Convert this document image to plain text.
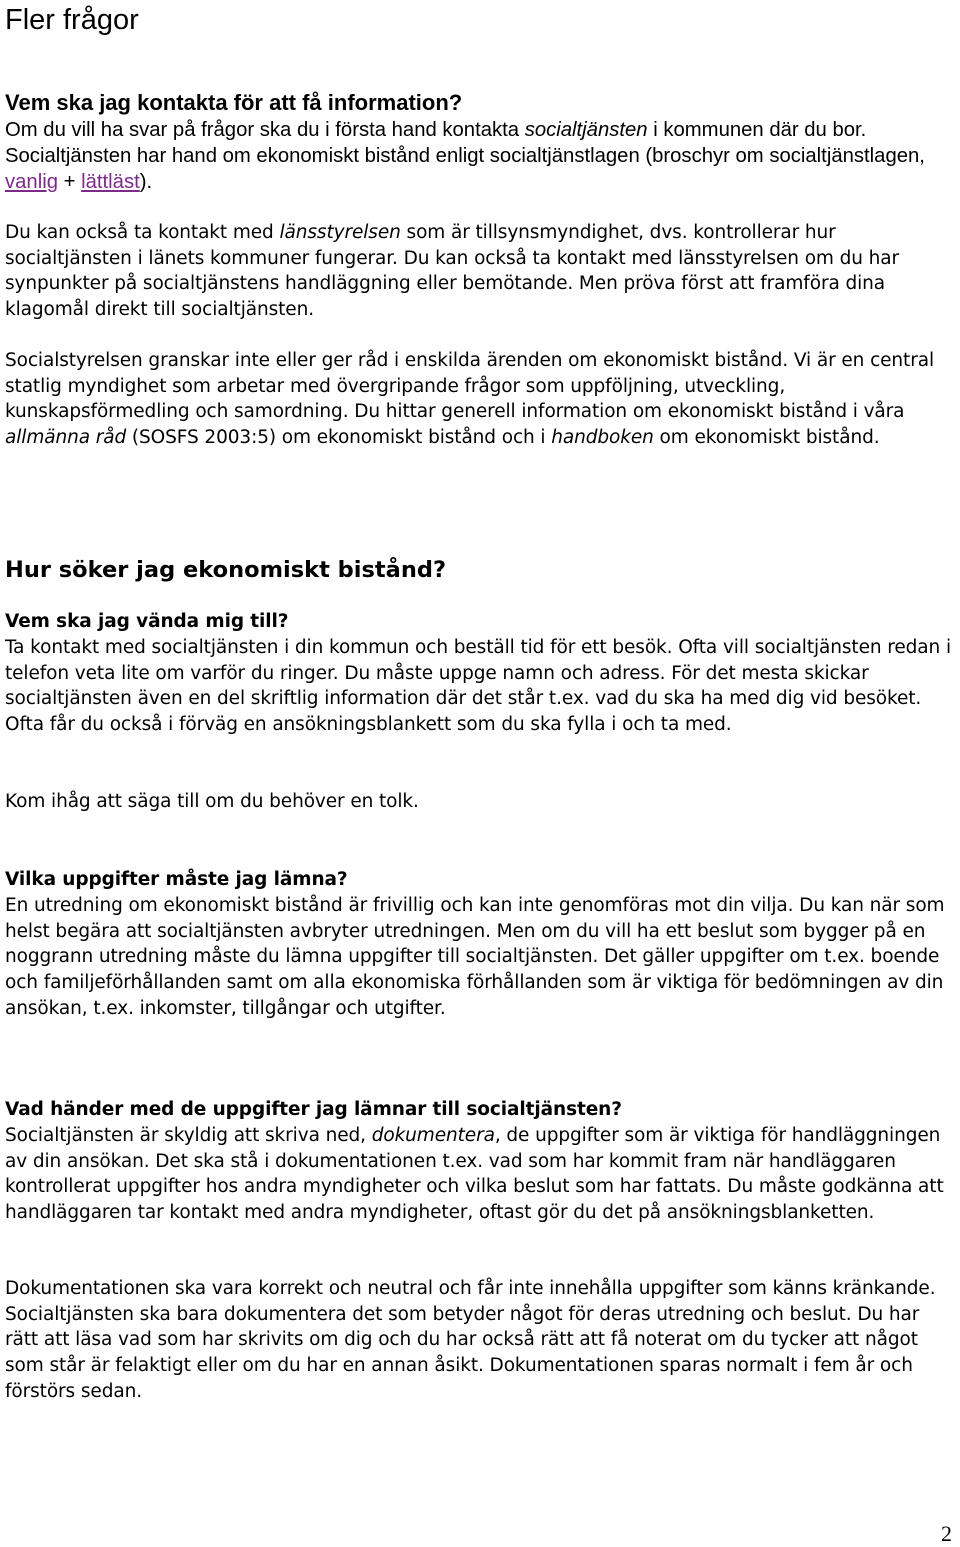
Fler frågor
Vem ska jag kontakta för att få information?

Om du vill ha svar på frågor ska du i första hand kontakta socialtjänsten i kommunen där du bor. Socialtjänsten har hand om ekonomiskt bistånd enligt socialtjänstlagen (broschyr om socialtjänstlagen, vanlig + lättläst).

Du kan också ta kontakt med länsstyrelsen som är tillsynsmyndighet, dvs. kontrollerar hur socialtjänsten i länets kommuner fungerar. Du kan också ta kontakt med länsstyrelsen om du har synpunkter på socialtjänstens handläggning eller bemötande. Men pröva först att framföra dina klagomål direkt till socialtjänsten.

Socialstyrelsen granskar inte eller ger råd i enskilda ärenden om ekonomiskt bistånd. Vi är en central statlig myndighet som arbetar med övergripande frågor som uppföljning, utveckling, kunskapsförmedling och samordning. Du hittar generell information om ekonomiskt bistånd i våra allmänna råd (SOSFS 2003:5) om ekonomiskt bistånd och i handboken om ekonomiskt bistånd.

Hur söker jag ekonomiskt bistånd?
Vem ska jag vända mig till?

Ta kontakt med socialtjänsten i din kommun och beställ tid för ett besök. Ofta vill socialtjänsten redan i telefon veta lite om varför du ringer. Du måste uppge namn och adress. För det mesta skickar socialtjänsten även en del skriftlig information där det står t.ex. vad du ska ha med dig vid besöket. Ofta får du också i förväg en ansökningsblankett som du ska fylla i och ta med.

Kom ihåg att säga till om du behöver en tolk.

Vilka uppgifter måste jag lämna?

En utredning om ekonomiskt bistånd är frivillig och kan inte genomföras mot din vilja. Du kan när som helst begära att socialtjänsten avbryter utredningen. Men om du vill ha ett beslut som bygger på en noggrann utredning måste du lämna uppgifter till socialtjänsten. Det gäller uppgifter om t.ex. boende och familjeförhållanden samt om alla ekonomiska förhållanden som är viktiga för bedömningen av din ansökan, t.ex. inkomster, tillgångar och utgifter.

Vad händer med de uppgifter jag lämnar till socialtjänsten?

Socialtjänsten är skyldig att skriva ned, dokumentera, de uppgifter som är viktiga för handläggningen av din ansökan. Det ska stå i dokumentationen t.ex. vad som har kommit fram när handläggaren kontrollerat uppgifter hos andra myndigheter och vilka beslut som har fattats. Du måste godkänna att handläggaren tar kontakt med andra myndigheter, oftast gör du det på ansökningsblanketten.

Dokumentationen ska vara korrekt och neutral och får inte innehålla uppgifter som känns kränkande. Socialtjänsten ska bara dokumentera det som betyder något för deras utredning och beslut. Du har rätt att läsa vad som har skrivits om dig och du har också rätt att få noterat om du tycker att något som står är felaktigt eller om du har en annan åsikt. Dokumentationen sparas normalt i fem år och förstörs sedan.

2
